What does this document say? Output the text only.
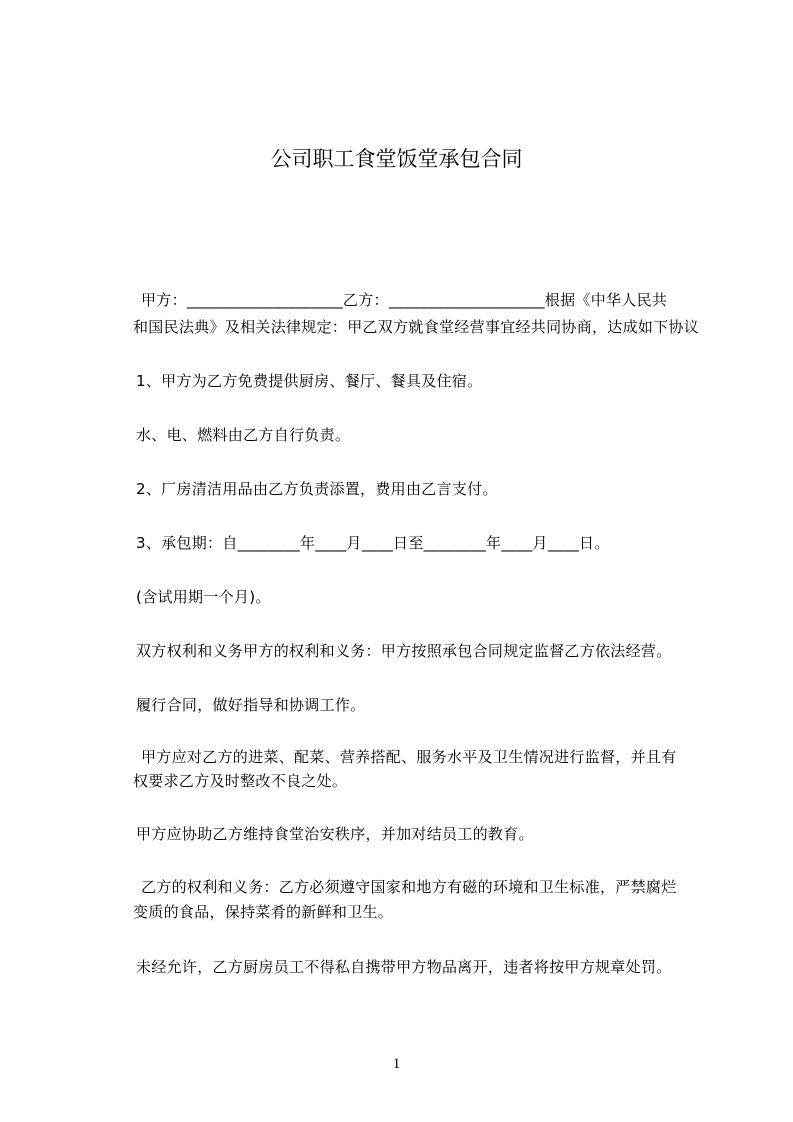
公司职工食堂饭堂承包合同
甲方：____________________乙方：____________________根据《中华人民共
和国民法典》及相关法律规定：甲乙双方就食堂经营事宜经共同协商，达成如下协议
1、甲方为乙方免费提供厨房、餐厅、餐具及住宿。
水、电、燃料由乙方自行负责。
2、厂房清洁用品由乙方负责添置，费用由乙言支付。
3、承包期：自________年____月____日至________年____月____日。
(含试用期一个月)。
双方权利和义务甲方的权利和义务：甲方按照承包合同规定监督乙方依法经营。
履行合同，做好指导和协调工作。
甲方应对乙方的进菜、配菜、营养搭配、服务水平及卫生情况进行监督，并且有
权要求乙方及时整改不良之处。
甲方应协助乙方维持食堂治安秩序，并加对结员工的教育。
乙方的权利和义务：乙方必须遵守国家和地方有磁的环境和卫生标准，严禁腐烂
变质的食品，保持菜肴的新鲜和卫生。
未经允许，乙方厨房员工不得私自携带甲方物品离开，违者将按甲方规章处罚。
1
